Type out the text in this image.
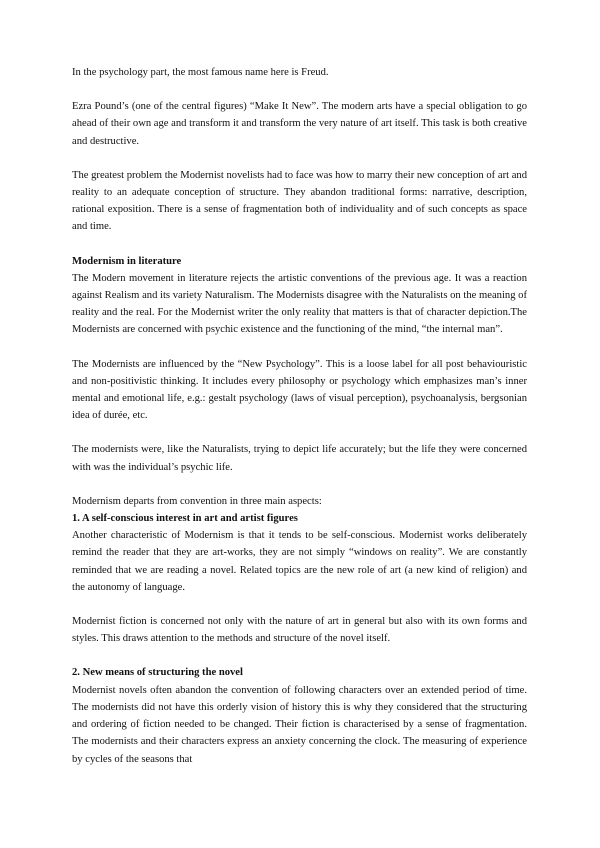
In the psychology part, the most famous name here is Freud.

Ezra Pound’s (one of the central figures) “Make It New”. The modern arts have a special obligation to go ahead of their own age and transform it and transform the very nature of art itself. This task is both creative and destructive.

The greatest problem the Modernist novelists had to face was how to marry their new conception of art and reality to an adequate conception of structure. They abandon traditional forms: narrative, description, rational exposition. There is a sense of fragmentation both of individuality and of such concepts as space and time.

Modernism in literature

The Modern movement in literature rejects the artistic conventions of the previous age. It was a reaction against Realism and its variety Naturalism. The Modernists disagree with the Naturalists on the meaning of reality and the real. For the Modernist writer the only reality that matters is that of character depiction.The Modernists are concerned with psychic existence and the functioning of the mind, “the internal man”.

The Modernists are influenced by the “New Psychology”. This is a loose label for all post behaviouristic and non-positivistic thinking. It includes every philosophy or psychology which emphasizes man’s inner mental and emotional life, e.g.: gestalt psychology (laws of visual perception), psychoanalysis, bergsonian idea of durée, etc.

The modernists were, like the Naturalists, trying to depict life accurately; but the life they were concerned with was the individual’s psychic life.

Modernism departs from convention in three main aspects:

1. A self-conscious interest in art and artist figures

Another characteristic of Modernism is that it tends to be self-conscious. Modernist works deliberately remind the reader that they are art-works, they are not simply “windows on reality”. We are constantly reminded that we are reading a novel. Related topics are the new role of art (a new kind of religion) and the autonomy of language.

Modernist fiction is concerned not only with the nature of art in general but also with its own forms and styles. This draws attention to the methods and structure of the novel itself.

2. New means of structuring the novel

Modernist novels often abandon the convention of following characters over an extended period of time. The modernists did not have this orderly vision of history this is why they considered that the structuring and ordering of fiction needed to be changed. Their fiction is characterised by a sense of fragmentation. The modernists and their characters express an anxiety concerning the clock. The measuring of experience by cycles of the seasons that
